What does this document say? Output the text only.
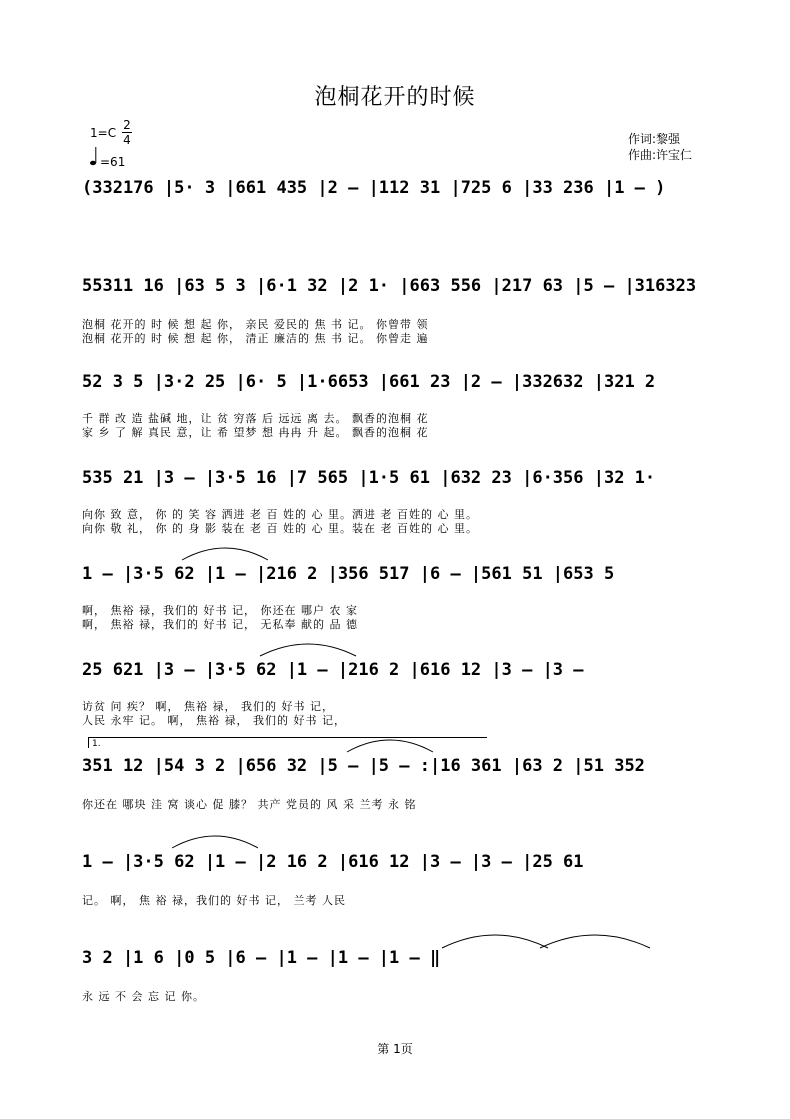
泡桐花开的时候
1=C
2
4
=61
作词:黎强
作曲:许宝仁
(332176 |5· 3 |661 435 |2 – |112 31 |725 6 |33 236 |1 – )
55311 16 |63 5 3 |6·1 32 |2 1· |663 556 |217 63 |5 – |316323
泡桐 花开的 时 候 想 起 你， 亲民 爱民的 焦 书 记。 你曾带 领
泡桐 花开的 时 候 想 起 你， 清正 廉洁的 焦 书 记。 你曾走 遍
52 3 5 |3·2 25 |6· 5 |1·6653 |661 23 |2 – |332632 |321 2
千 群 改 造 盐碱 地，让 贫 穷落 后 远远 离 去。 飘香的泡桐 花
家 乡 了 解 真民 意，让 希 望梦 想 冉冉 升 起。 飘香的泡桐 花
535 21 |3 – |3·5 16 |7 565 |1·5 61 |632 23 |6·356 |32 1·
向你 致 意， 你 的 笑 容 洒进 老 百 姓的 心 里。洒进 老 百姓的 心 里。
向你 敬 礼， 你 的 身 影 装在 老 百 姓的 心 里。装在 老 百姓的 心 里。
1 – |3·5 62 |1 – |216 2 |356 517 |6 – |561 51 |653 5
啊， 焦裕 禄，我们的 好书 记， 你还在 哪户 农 家
啊， 焦裕 禄，我们的 好书 记， 无私奉 献的 品 德
25 621 |3 – |3·5 62 |1 – |216 2 |616 12 |3 – |3 –
访贫 问 疾？ 啊， 焦裕 禄， 我们的 好书 记，
人民 永牢 记。 啊， 焦裕 禄， 我们的 好书 记，
1.
351 12 |54 3 2 |656 32 |5 – |5 – :|16 361 |63 2 |51 352
你还在 哪块 洼 窝 谈心 促 膝？ 共产 党员的 风 采 兰考 永 铭
1 – |3·5 62 |1 – |2 16 2 |616 12 |3 – |3 – |25 61
记。 啊， 焦 裕 禄，我们的 好书 记， 兰考 人民
3 2 |1 6 |0 5 |6 – |1 – |1 – |1 – ‖
永 远 不 会 忘 记 你。
第 1页
